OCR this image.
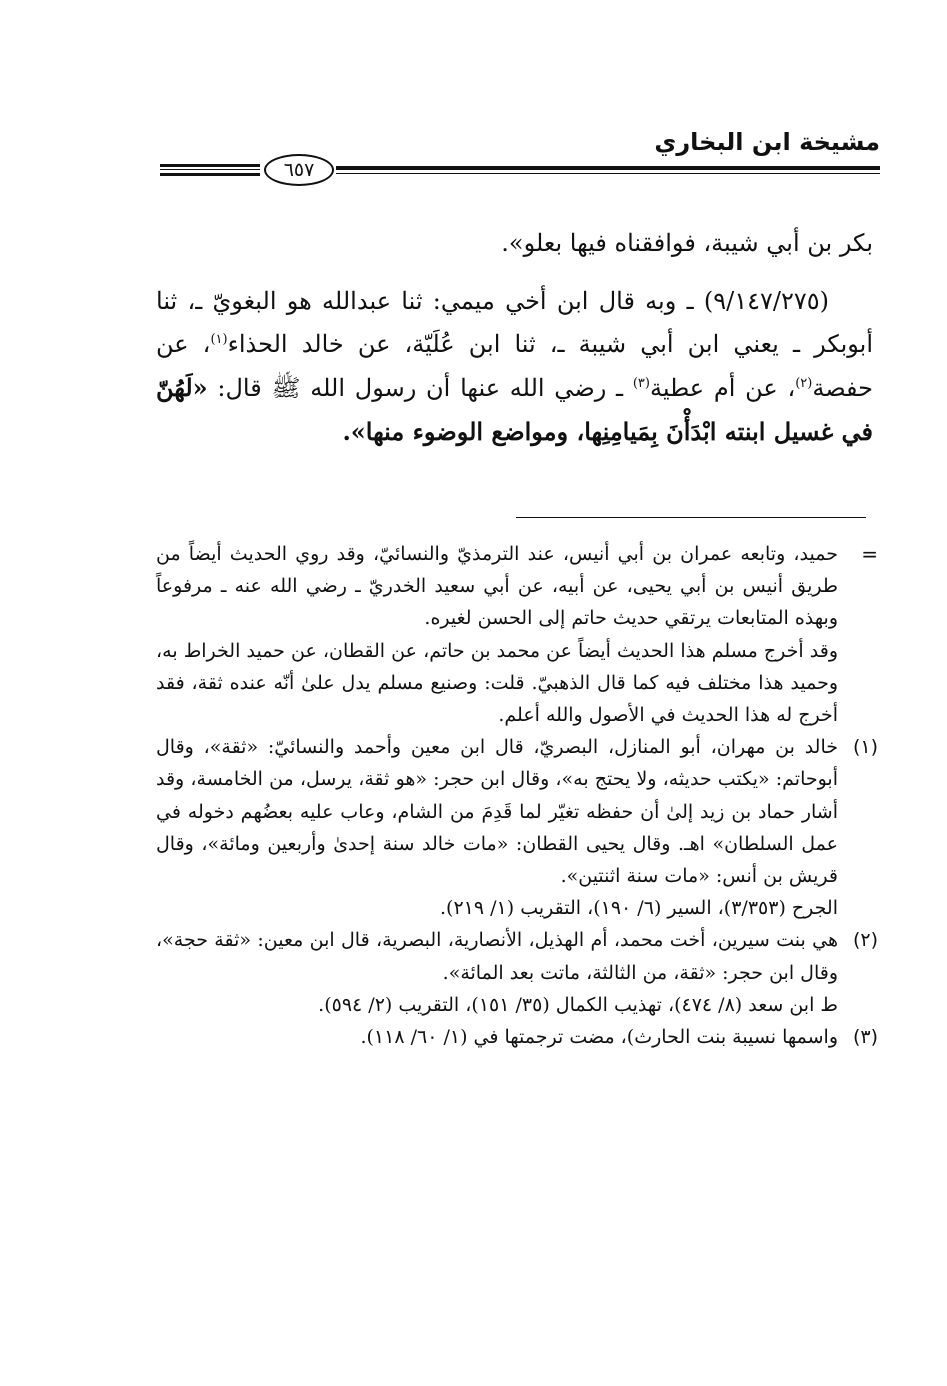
مشيخة ابن البخاري
٦٥٧

بكر بن أبي شيبة، فوافقناه فيها بعلو».

(٩/١٤٧/٢٧٥) ـ وبه قال ابن أخي ميمي: ثنا عبدالله هو البغويّ ـ، ثنا أبوبكر ـ يعني ابن أبي شيبة ـ، ثنا ابن عُلَيّة، عن خالد الحذاء$^{(١)}$، عن حفصة$^{(٢)}$، عن أم عطية$^{(٣)}$ ـ رضي الله عنها أن رسول الله ﷺ قال: «لَهُنّ في غسيل ابنته ابْدَأْنَ بِمَيامِنِها، ومواضع الوضوء منها».

=

حميد، وتابعه عمران بن أبي أنيس، عند الترمذيّ والنسائيّ، وقد روي الحديث أيضاً من طريق أنيس بن أبي يحيى، عن أبيه، عن أبي سعيد الخدريّ ـ رضي الله عنه ـ مرفوعاً وبهذه المتابعات يرتقي حديث حاتم إلى الحسن لغيره.

وقد أخرج مسلم هذا الحديث أيضاً عن محمد بن حاتم، عن القطان، عن حميد الخراط به، وحميد هذا مختلف فيه كما قال الذهبيّ. قلت: وصنيع مسلم يدل علىٰ أنّه عنده ثقة، فقد أخرج له هذا الحديث في الأصول والله أعلم.

(١)

خالد بن مهران، أبو المنازل، البصريّ، قال ابن معين وأحمد والنسائيّ: «ثقة»، وقال أبوحاتم: «يكتب حديثه، ولا يحتج به»، وقال ابن حجر: «هو ثقة، يرسل، من الخامسة، وقد أشار حماد بن زيد إلىٰ أن حفظه تغيّر لما قَدِمَ من الشام، وعاب عليه بعضُهم دخوله في عمل السلطان» اهـ. وقال يحيى القطان: «مات خالد سنة إحدىٰ وأربعين ومائة»، وقال قريش بن أنس: «مات سنة اثنتين».

الجرح (٣/٣٥٣)، السير (٦/ ١٩٠)، التقريب (١/ ٢١٩).

(٢)

هي بنت سيرين، أخت محمد، أم الهذيل، الأنصارية، البصرية، قال ابن معين: «ثقة حجة»، وقال ابن حجر: «ثقة، من الثالثة، ماتت بعد المائة».

ط ابن سعد (٨/ ٤٧٤)، تهذيب الكمال (٣٥/ ١٥١)، التقريب (٢/ ٥٩٤).

(٣)

واسمها نسيبة بنت الحارث)، مضت ترجمتها في (١/ ٦٠/ ١١٨).
